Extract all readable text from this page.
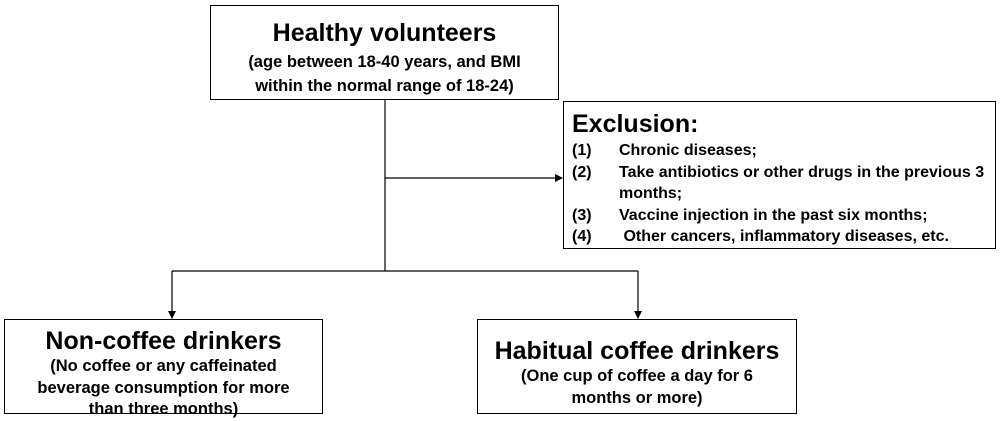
Healthy volunteers
(age between 18-40 years, and BMI
within the normal range of 18-24)
Exclusion:
(1)	Chronic diseases;
(2)	Take antibiotics or other drugs in the previous 3 months;
(3)	Vaccine injection in the past six months;
(4)	Other cancers, inflammatory diseases, etc.
Non-coffee drinkers
(No coffee or any caffeinated
beverage consumption for more
than three months)
Habitual coffee drinkers
(One cup of coffee a day for 6
months or more)
